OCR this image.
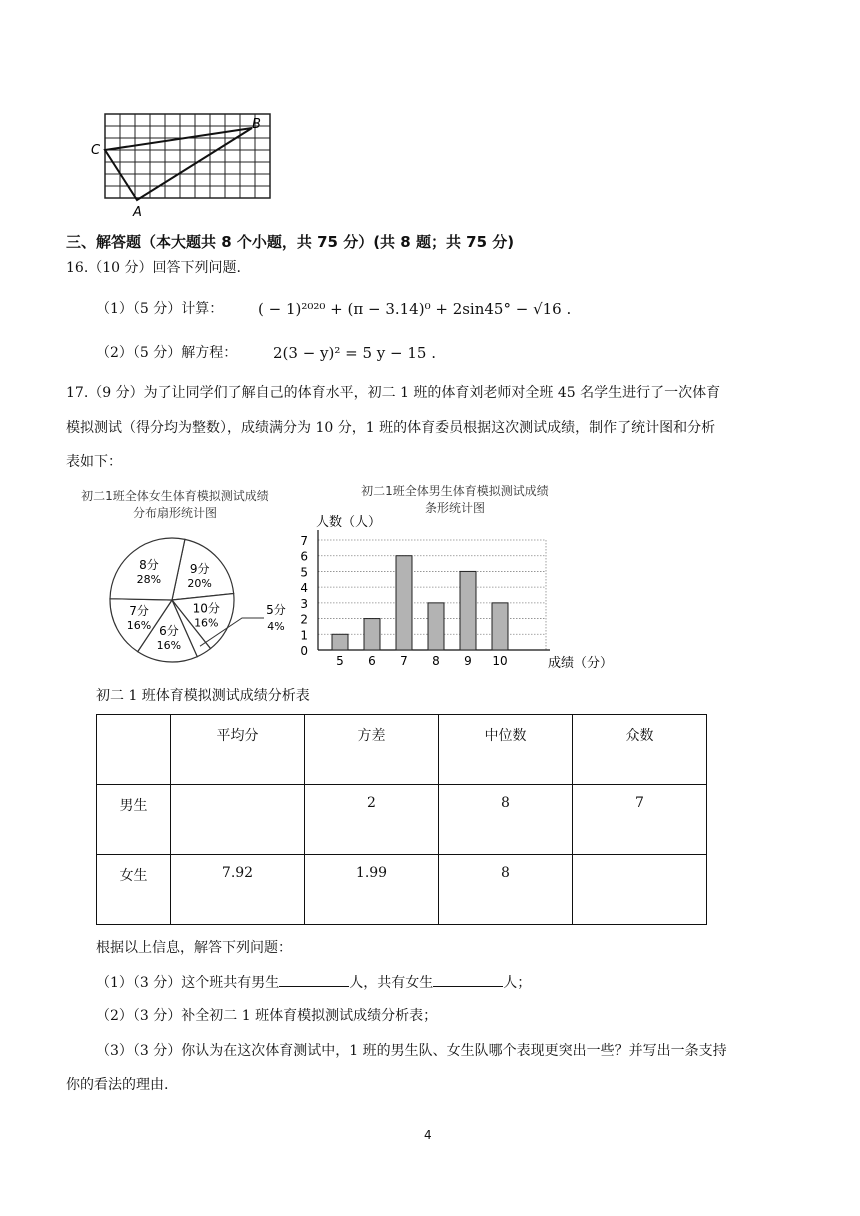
B
C
A
三、解答题（本大题共 8 个小题，共 75 分）(共 8 题；共 75 分)
16.（10 分）回答下列问题.
（1）（5 分）计算： ( − 1)²⁰²⁰ + (π − 3.14)⁰ + 2sin45° − √16 .
（2）（5 分）解方程： 2(3 − y)² = 5 y − 15 .
17.（9 分）为了让同学们了解自己的体育水平，初二 1 班的体育刘老师对全班 45 名学生进行了一次体育
模拟测试（得分均为整数），成绩满分为 10 分，1 班的体育委员根据这次测试成绩，制作了统计图和分析
表如下：
初二1班全体女生体育模拟测试成绩
分布扇形统计图
9分
20%
10分
16%
5分
4%
6分
16%
7分
16%
8分
28%
初二1班全体男生体育模拟测试成绩
条形统计图
0
1
2
3
4
5
6
7
5 6 7 8 9 10
人数（人）
成绩（分）
初二 1 班体育模拟测试成绩分析表
	平均分	方差	中位数	众数
男生		2	8	7
女生	7.92	1.99	8	
根据以上信息，解答下列问题：
（1）（3 分）这个班共有男生	人，共有女生	人；
（2）（3 分）补全初二 1 班体育模拟测试成绩分析表；
（3）（3 分）你认为在这次体育测试中，1 班的男生队、女生队哪个表现更突出一些？并写出一条支持
你的看法的理由.
4
